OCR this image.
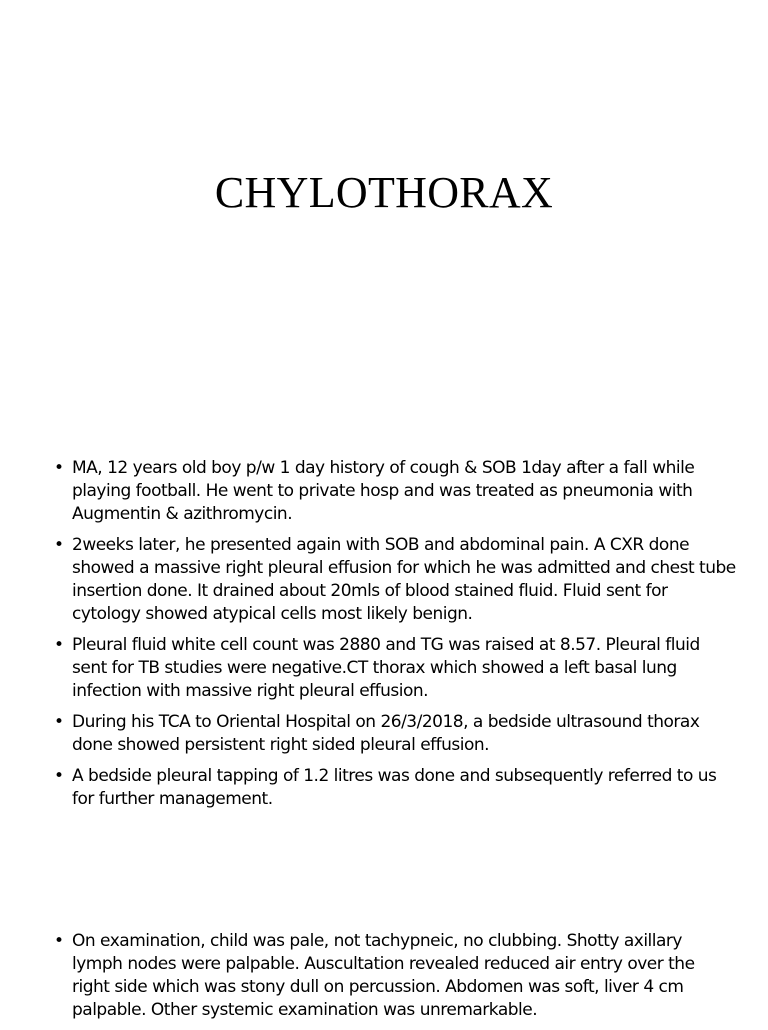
CHYLOTHORAX
• MA, 12 years old boy p/w 1 day history of cough & SOB 1day after a fall while playing football. He went to private hosp and was treated as pneumonia with Augmentin & azithromycin.
• 2weeks later, he presented again with SOB and abdominal pain. A CXR done showed a massive right pleural effusion for which he was admitted and chest tube insertion done. It drained about 20mls of blood stained fluid. Fluid sent for cytology showed atypical cells most likely benign.
• Pleural fluid white cell count was 2880 and TG was raised at 8.57. Pleural fluid sent for TB studies were negative.CT thorax which showed a left basal lung infection with massive right pleural effusion.
• During his TCA to Oriental Hospital on 26/3/2018, a bedside ultrasound thorax done showed persistent right sided pleural effusion.
• A bedside pleural tapping of 1.2 litres was done and subsequently referred to us for further management.
• On examination, child was pale, not tachypneic, no clubbing. Shotty axillary lymph nodes were palpable. Auscultation revealed reduced air entry over the right side which was stony dull on percussion. Abdomen was soft, liver 4 cm palpable. Other systemic examination was unremarkable.
